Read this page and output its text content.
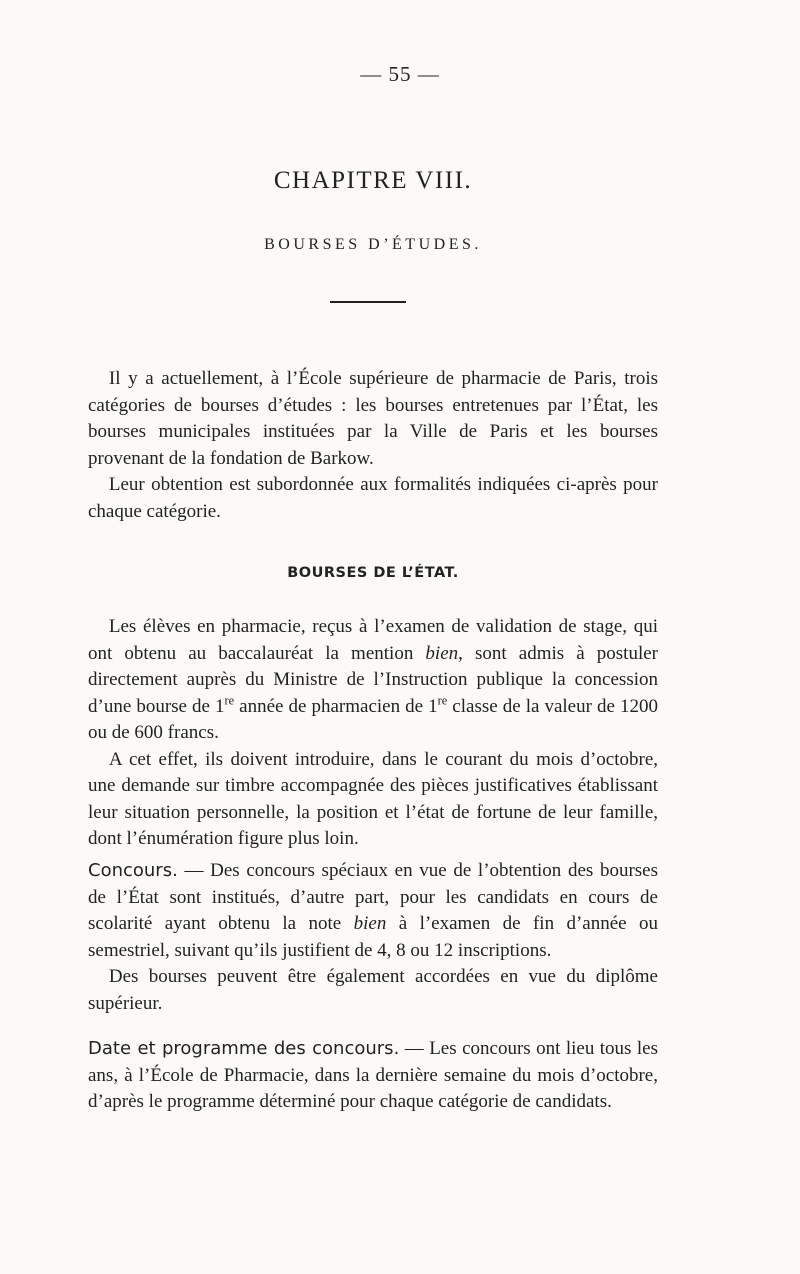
— 55 —
CHAPITRE VIII.
BOURSES D’ÉTUDES.

Il y a actuellement, à l’École supérieure de pharmacie de Paris, trois catégories de bourses d’études : les bourses entretenues par l’État, les bourses municipales instituées par la Ville de Paris et les bourses provenant de la fondation de Barkow.

Leur obtention est subordonnée aux formalités indiquées ci-après pour chaque catégorie.

BOURSES DE L’ÉTAT.

Les élèves en pharmacie, reçus à l’examen de validation de stage, qui ont obtenu au baccalauréat la mention bien, sont admis à postuler directement auprès du Ministre de l’Instruction publique la concession d’une bourse de 1re année de pharmacien de 1re classe de la valeur de 1200 ou de 600 francs.

A cet effet, ils doivent introduire, dans le courant du mois d’octobre, une demande sur timbre accompagnée des pièces justificatives établissant leur situation personnelle, la position et l’état de fortune de leur famille, dont l’énumération figure plus loin.

Concours. — Des concours spéciaux en vue de l’obtention des bourses de l’État sont institués, d’autre part, pour les candidats en cours de scolarité ayant obtenu la note bien à l’examen de fin d’année ou semestriel, suivant qu’ils justifient de 4, 8 ou 12 inscriptions.

Des bourses peuvent être également accordées en vue du diplôme supérieur.

Date et programme des concours. — Les concours ont lieu tous les ans, à l’École de Pharmacie, dans la dernière semaine du mois d’octobre, d’après le programme déterminé pour chaque catégorie de candidats.
